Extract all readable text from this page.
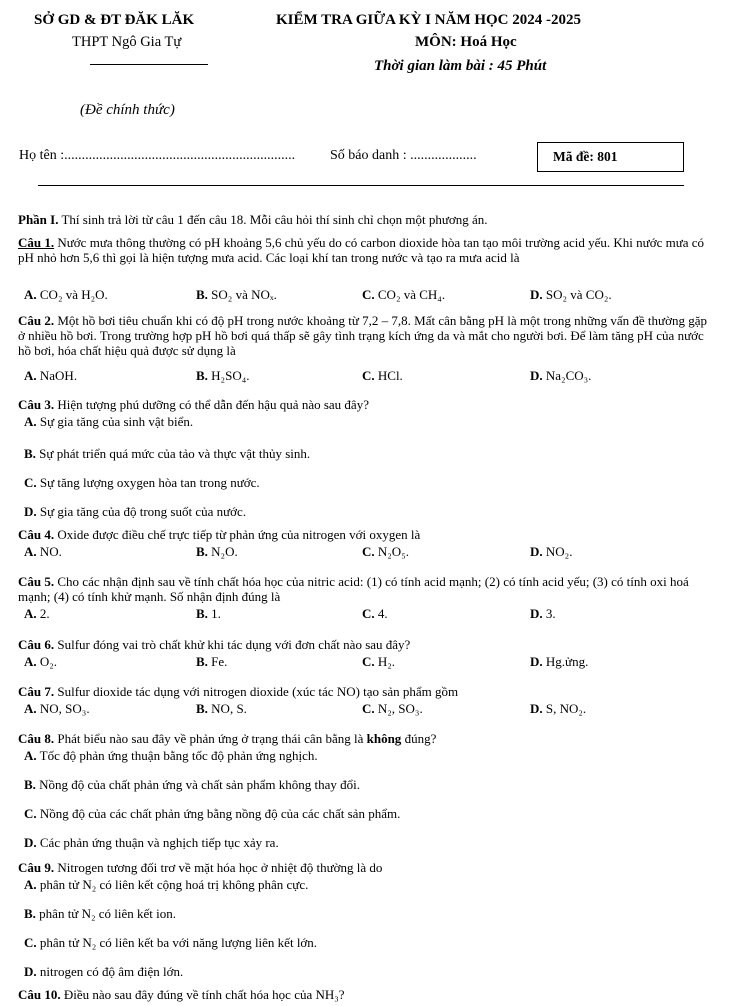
SỞ GD & ĐT ĐĂK LĂK
THPT Ngô Gia Tự
KIỂM TRA GIỮA KỲ I NĂM HỌC 2024 -2025
MÔN: Hoá Học
Thời gian làm bài : 45 Phút
(Đề chính thức)
Họ tên :.................................................................. Số báo danh : ...................	Mã đề: 801
Phần I. Thí sinh trả lời từ câu 1 đến câu 18. Mỗi câu hỏi thí sinh chỉ chọn một phương án.
Câu 1. Nước mưa thông thường có pH khoảng 5,6 chủ yếu do có carbon dioxide hòa tan tạo môi trường acid yếu. Khi nước mưa có pH nhỏ hơn 5,6 thì gọi là hiện tượng mưa acid. Các loại khí tan trong nước và tạo ra mưa acid là
A. CO₂ và H₂O.	B. SO₂ và NOₓ.	C. CO₂ và CH₄.	D. SO₂ và CO₂.
Câu 2. Một hồ bơi tiêu chuẩn khi có độ pH trong nước khoảng từ 7,2 – 7,8. Mất cân bằng pH là một trong những vấn đề thường gặp ở nhiều hồ bơi. Trong trường hợp pH hồ bơi quá thấp sẽ gây tình trạng kích ứng da và mắt cho người bơi. Để làm tăng pH của nước hồ bơi, hóa chất hiệu quả được sử dụng là
A. NaOH.	B. H₂SO₄.	C. HCl.	D. Na₂CO₃.
Câu 3. Hiện tượng phú dưỡng có thể dẫn đến hậu quả nào sau đây?
A. Sự gia tăng của sinh vật biển.
B. Sự phát triển quá mức của tảo và thực vật thủy sinh.
C. Sự tăng lượng oxygen hòa tan trong nước.
D. Sự gia tăng của độ trong suốt của nước.
Câu 4. Oxide được điều chế trực tiếp từ phản ứng của nitrogen với oxygen là
A. NO.	B. N₂O.	C. N₂O₅.	D. NO₂.
Câu 5. Cho các nhận định sau về tính chất hóa học của nitric acid: (1) có tính acid mạnh; (2) có tính acid yếu; (3) có tính oxi hoá mạnh; (4) có tính khử mạnh. Số nhận định đúng là
A. 2.	B. 1.	C. 4.	D. 3.
Câu 6. Sulfur đóng vai trò chất khử khi tác dụng với đơn chất nào sau đây?
A. O₂.	B. Fe.	C. H₂.	D. Hg.ửng.
Câu 7. Sulfur dioxide tác dụng với nitrogen dioxide (xúc tác NO) tạo sản phẩm gồm
A. NO, SO₃.	B. NO, S.	C. N₂, SO₃.	D. S, NO₂.
Câu 8. Phát biểu nào sau đây về phản ứng ở trạng thái cân bằng là không đúng?
A. Tốc độ phản ứng thuận bằng tốc độ phản ứng nghịch.
B. Nồng độ của chất phản ứng và chất sản phẩm không thay đổi.
C. Nồng độ của các chất phản ứng bằng nồng độ của các chất sản phẩm.
D. Các phản ứng thuận và nghịch tiếp tục xảy ra.
Câu 9. Nitrogen tương đối trơ về mặt hóa học ở nhiệt độ thường là do
A. phân tử N₂ có liên kết cộng hoá trị không phân cực.
B. phân tử N₂ có liên kết ion.
C. phân tử N₂ có liên kết ba với năng lượng liên kết lớn.
D. nitrogen có độ âm điện lớn.
Câu 10. Điều nào sau đây đúng về tính chất hóa học của NH₃?
